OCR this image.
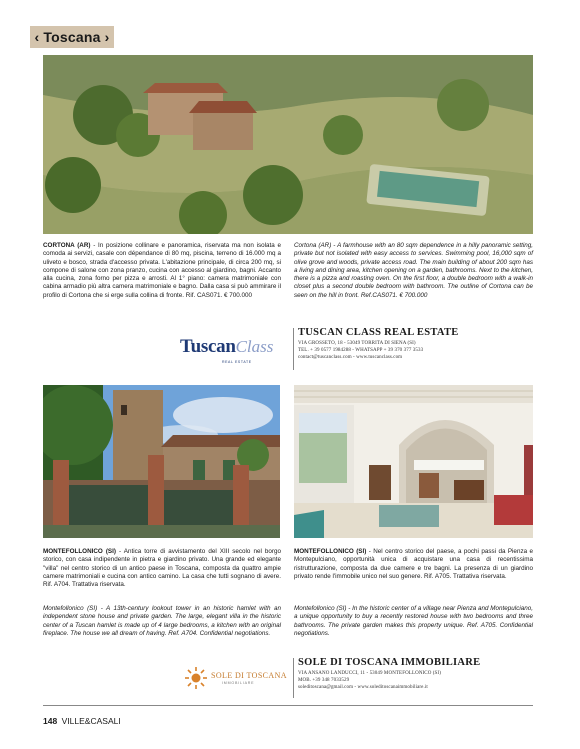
‹ Toscana ›
CORTONA (AR) - In posizione collinare e panoramica, riservata ma non isolata e comoda ai servizi, casale con dépendance di 80 mq, piscina, terreno di 16.000 mq a uliveto e bosco, strada d'accesso privata. L'abitazione principale, di circa 200 mq, si compone di salone con zona pranzo, cucina con accesso al giardino, bagni. Accanto alla cucina, zona forno per pizza e arrosti. Al 1° piano: camera matrimoniale con cabina armadio più altra camera matrimoniale e bagno. Dalla casa si può ammirare il profilo di Cortona che si erge sulla collina di fronte. Rif. CAS071. € 700.000
Cortona (AR) - A farmhouse with an 80 sqm dependence in a hilly panoramic setting, private but not isolated with easy access to services. Swimming pool, 16,000 sqm of olive grove and woods, private access road. The main building of about 200 sqm has a living and dining area, kitchen opening on a garden, bathrooms. Next to the kitchen, there is a pizza and roasting oven. On the first floor, a double bedroom with a walk-in closet plus a second double bedroom with bathroom. The outline of Cortona can be seen on the hill in front. Ref.CAS071. € 700.000
TuscanClass
REAL ESTATE
TUSCAN CLASS REAL ESTATE
VIA GROSSETO, 18 - 53049 TORRITA DI SIENA (SI)
TEL. + 39 0577 1984288 - WHATSAPP + 39 370 377 3533
contact@tuscanclass.com - www.tuscanclass.com
MONTEFOLLONICO (SI) - Antica torre di avvistamento del XIII secolo nel borgo storico, con casa indipendente in pietra e giardino privato. Una grande ed elegante "villa" nel centro storico di un antico paese in Toscana, composta da quattro ampie camere matrimoniali e cucina con antico camino. La casa che tutti sognano di avere. Rif. A704. Trattativa riservata.
Montefollonico (SI) - A 13th-century lookout tower in an historic hamlet with an independent stone house and private garden. The large, elegant villa in the historic center of a Tuscan hamlet is made up of 4 large bedrooms, a kitchen with an original fireplace. The house we all dream of having. Ref. A704. Confidential negotiations.
MONTEFOLLONICO (SI) - Nel centro storico del paese, a pochi passi da Pienza e Montepulciano, opportunità unica di acquistare una casa di recentissima ristrutturazione, composta da due camere e tre bagni. La presenza di un giardino privato rende l'immobile unico nel suo genere. Rif. A705. Trattativa riservata.
Montefollonico (SI) - In the historic center of a village near Pienza and Montepulciano, a unique opportunity to buy a recently restored house with two bedrooms and three bathrooms. The private garden makes this property unique. Ref. A705. Confidential negotiations.
SOLE DI TOSCANA
IMMOBILIARE
SOLE DI TOSCANA IMMOBILIARE
VIA ANSANO LANDUCCI, 11 - 53049 MONTEFOLLONICO (SI)
MOB. +39 348 7033529
soleditoscana@gmail.com - www.soleditoscanaimmobiliare.it
148 VILLE&CASALI
